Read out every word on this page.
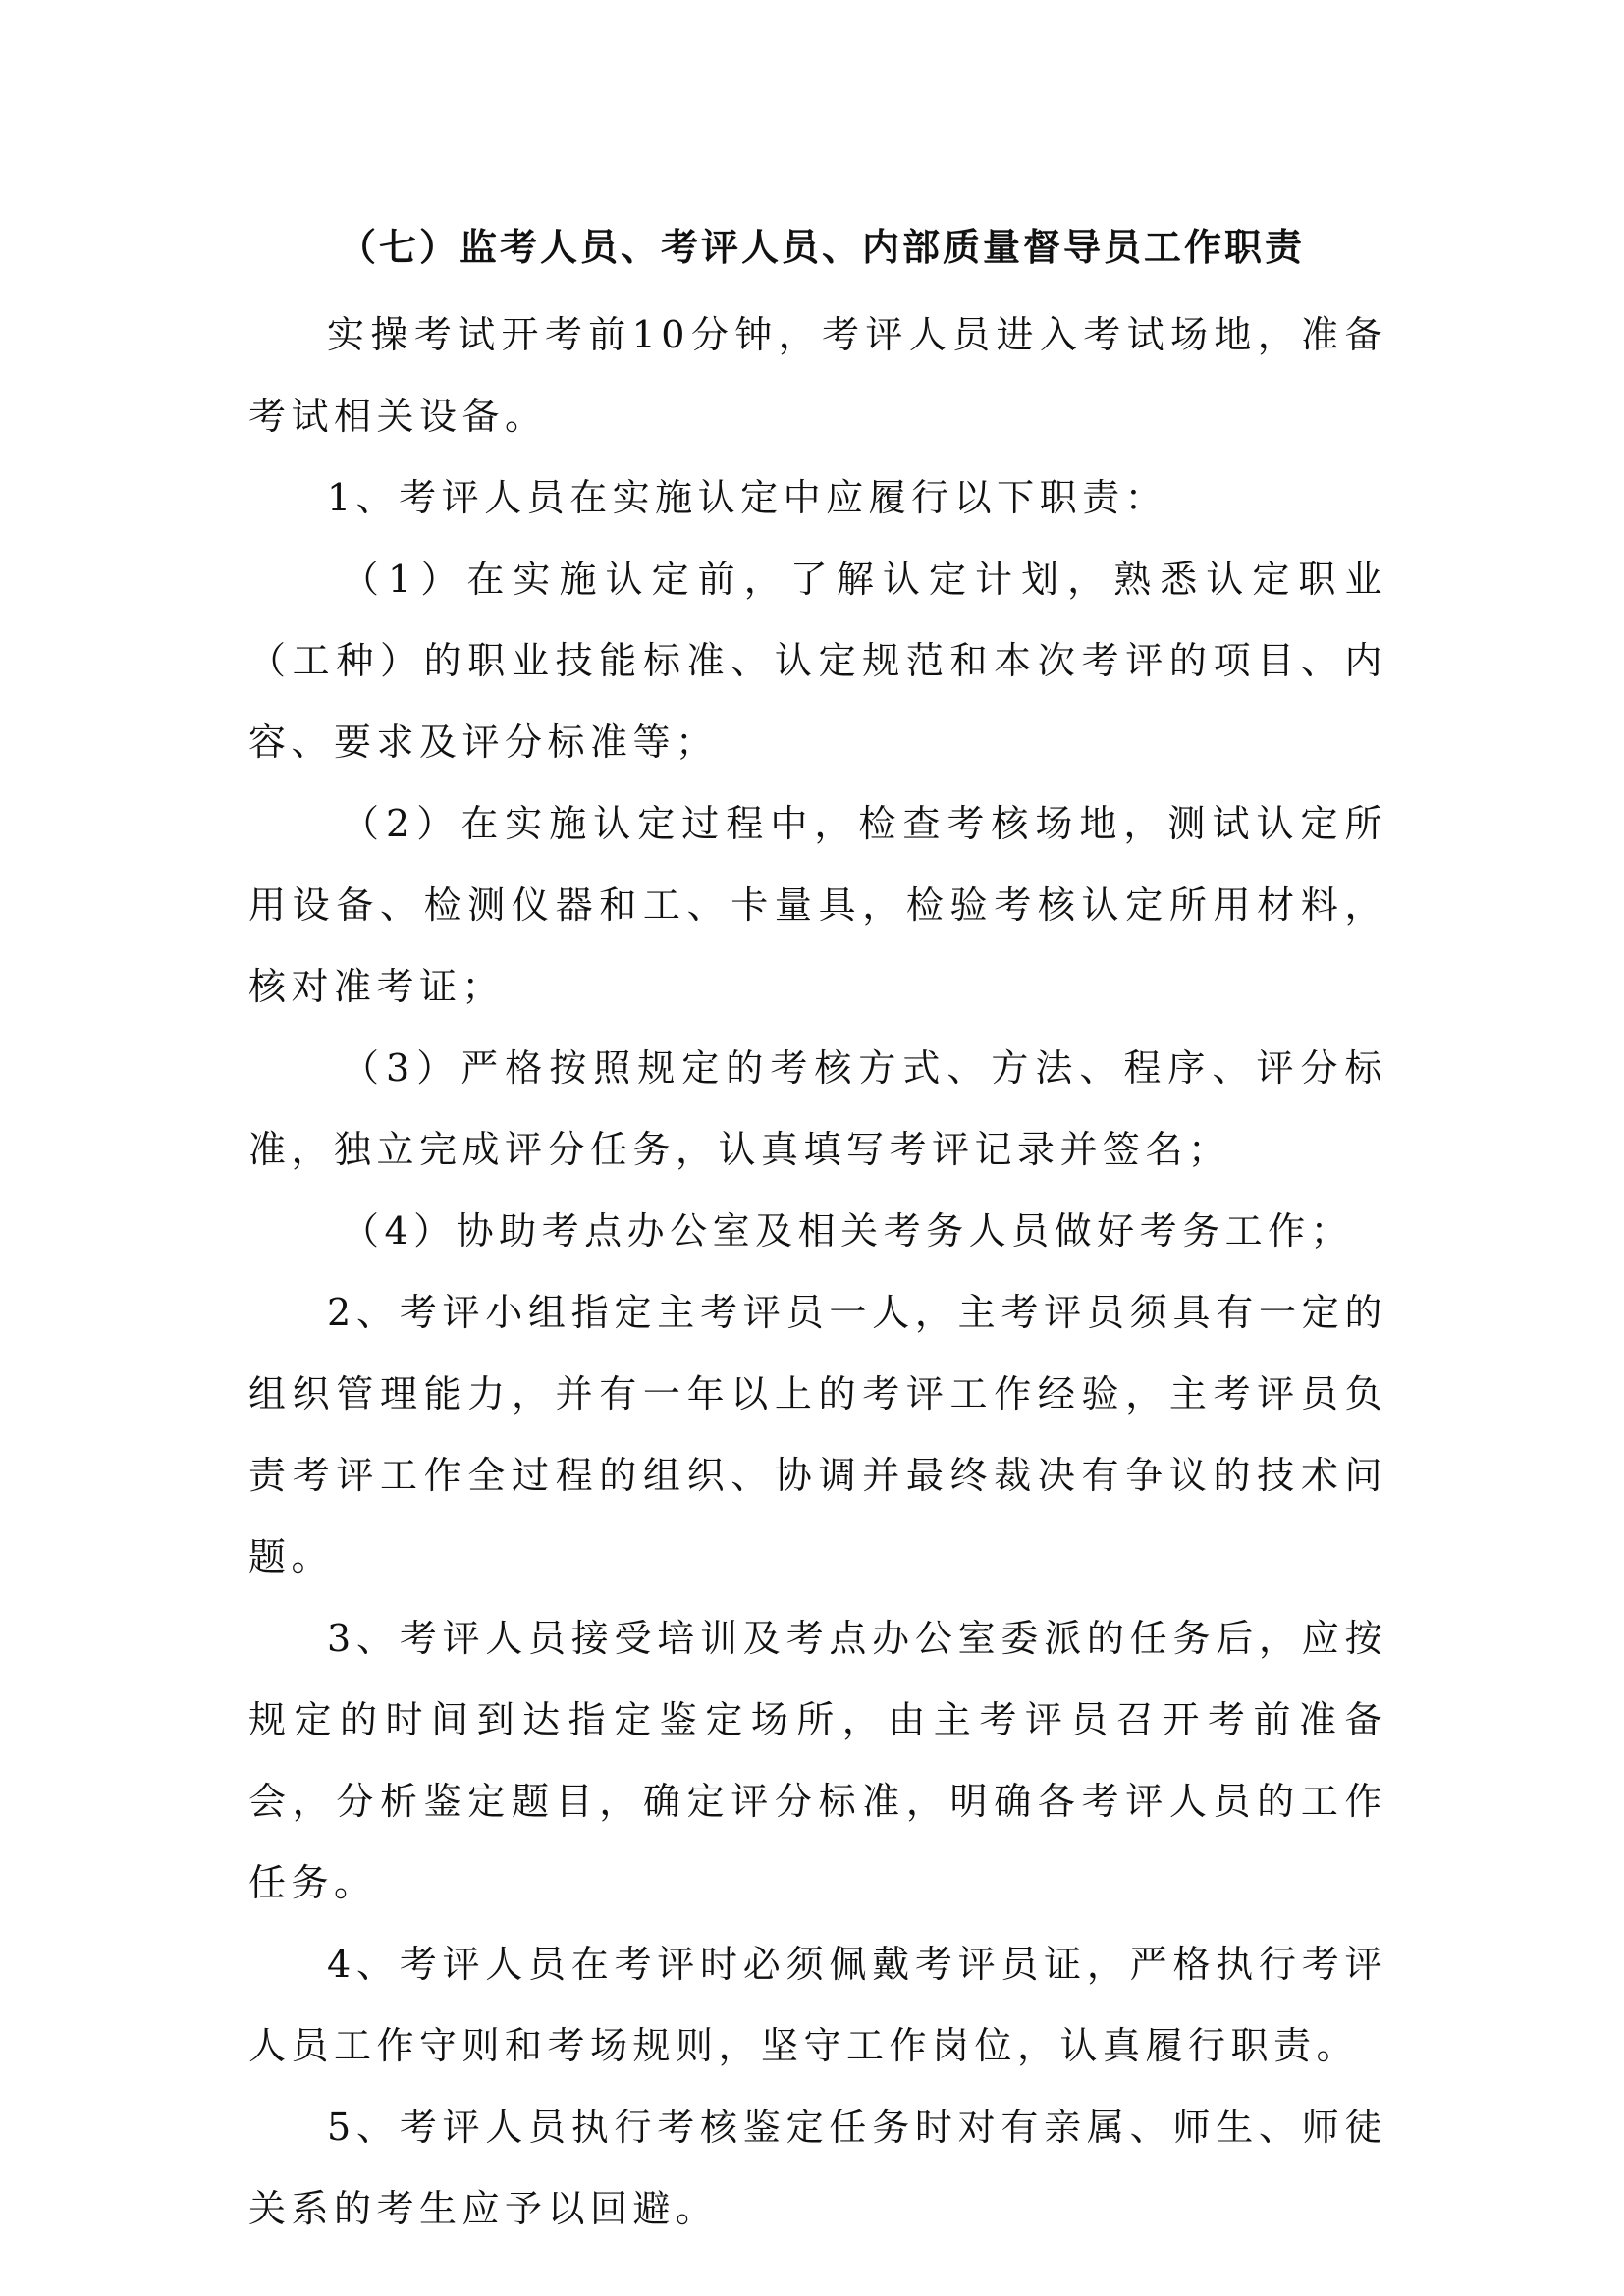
（七）监考人员、考评人员、内部质量督导员工作职责

实操考试开考前10分钟，考评人员进入考试场地，准备考试相关设备。

1、考评人员在实施认定中应履行以下职责：

（1）在实施认定前，了解认定计划，熟悉认定职业（工种）的职业技能标准、认定规范和本次考评的项目、内容、要求及评分标准等；

（2）在实施认定过程中，检查考核场地，测试认定所用设备、检测仪器和工、卡量具，检验考核认定所用材料，核对准考证；

（3）严格按照规定的考核方式、方法、程序、评分标准，独立完成评分任务，认真填写考评记录并签名；

（4）协助考点办公室及相关考务人员做好考务工作；

2、考评小组指定主考评员一人，主考评员须具有一定的组织管理能力，并有一年以上的考评工作经验，主考评员负责考评工作全过程的组织、协调并最终裁决有争议的技术问题。

3、考评人员接受培训及考点办公室委派的任务后，应按规定的时间到达指定鉴定场所，由主考评员召开考前准备会，分析鉴定题目，确定评分标准，明确各考评人员的工作任务。

4、考评人员在考评时必须佩戴考评员证，严格执行考评人员工作守则和考场规则，坚守工作岗位，认真履行职责。

5、考评人员执行考核鉴定任务时对有亲属、师生、师徒关系的考生应予以回避。
